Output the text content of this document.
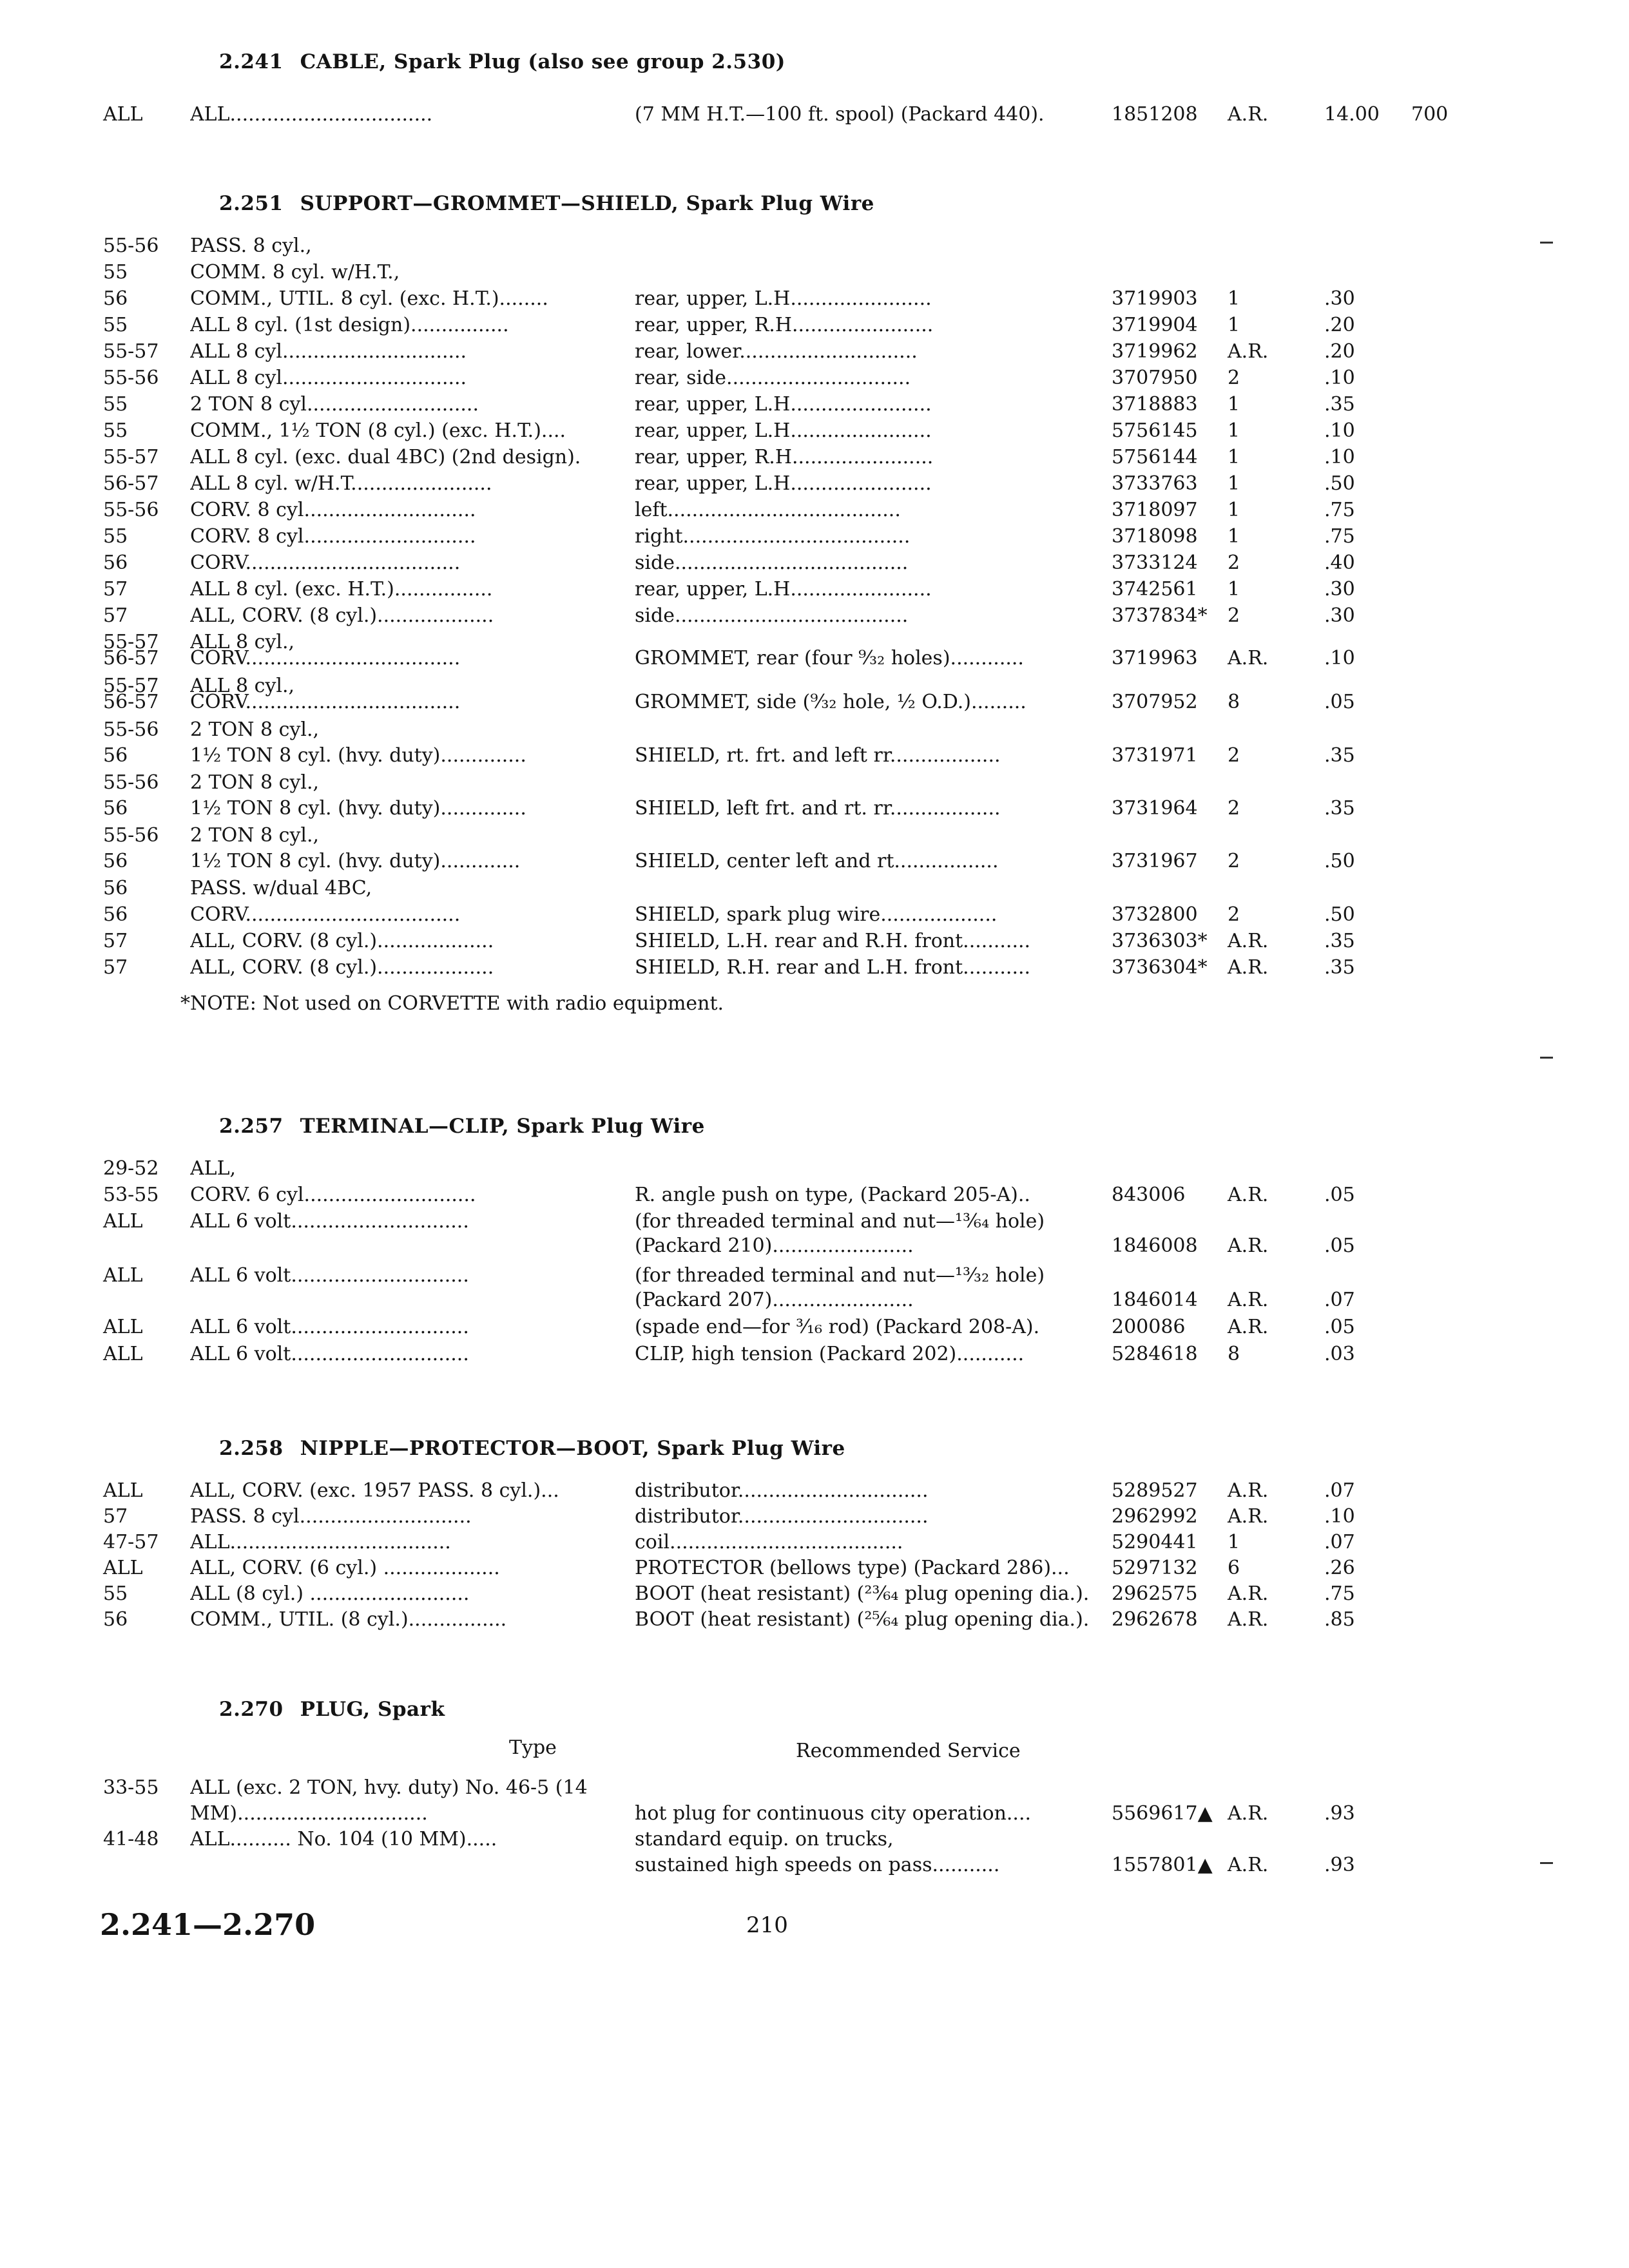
2.241 CABLE, Spark Plug (also see group 2.530)
ALL ALL.................................	(7 MM H.T.—100 ft. spool) (Packard 440).	1851208 A.R.	14.00 700
2.251 SUPPORT—GROMMET—SHIELD, Spark Plug Wire
55-56 PASS. 8 cyl.,
55	COMM. 8 cyl. w/H.T.,
56	COMM., UTIL. 8 cyl. (exc. H.T.)........	rear, upper, L.H.......................	3719903 1	.30
55	ALL 8 cyl. (1st design)................	rear, upper, R.H.......................	3719904 1	.20
55-57 ALL 8 cyl..............................	rear, lower.............................	3719962 A.R.	.20
55-56 ALL 8 cyl..............................	rear, side..............................	3707950 2	.10
55	2 TON 8 cyl............................	rear, upper, L.H.......................	3718883 1	.35
55	COMM., 1½ TON (8 cyl.) (exc. H.T.)....	rear, upper, L.H.......................	5756145 1	.10
55-57 ALL 8 cyl. (exc. dual 4BC) (2nd design).	rear, upper, R.H.......................	5756144 1	.10
56-57 ALL 8 cyl. w/H.T.......................	rear, upper, L.H.......................	3733763 1	.50
55-56 CORV. 8 cyl............................	left......................................	3718097 1	.75
55	CORV. 8 cyl............................	right.....................................	3718098 1	.75
56	CORV...................................	side......................................	3733124 2	.40
57	ALL 8 cyl. (exc. H.T.)................	rear, upper, L.H.......................	3742561 1	.30
57	ALL, CORV. (8 cyl.)...................	side......................................	3737834* 2	.30
55-57 ALL 8 cyl.,
56-57 CORV...................................	GROMMET, rear (four ⁹⁄₃₂ holes)............	3719963 A.R.	.10
55-57 ALL 8 cyl.,
56-57 CORV...................................	GROMMET, side (⁹⁄₃₂ hole, ½ O.D.).........	3707952 8	.05
55-56 2 TON 8 cyl.,
56	1½ TON 8 cyl. (hvy. duty)..............	SHIELD, rt. frt. and left rr..................	3731971 2	.35
55-56 2 TON 8 cyl.,
56	1½ TON 8 cyl. (hvy. duty)..............	SHIELD, left frt. and rt. rr..................	3731964 2	.35
55-56 2 TON 8 cyl.,
56	1½ TON 8 cyl. (hvy. duty).............	SHIELD, center left and rt.................	3731967 2	.50
56	PASS. w/dual 4BC,
56	CORV...................................	SHIELD, spark plug wire...................	3732800 2	.50
57	ALL, CORV. (8 cyl.)...................	SHIELD, L.H. rear and R.H. front...........	3736303* A.R.	.35
57	ALL, CORV. (8 cyl.)...................	SHIELD, R.H. rear and L.H. front...........	3736304* A.R.	.35
*NOTE: Not used on CORVETTE with radio equipment.
2.257 TERMINAL—CLIP, Spark Plug Wire
29-52 ALL,
53-55 CORV. 6 cyl............................	R. angle push on type, (Packard 205-A)..	843006 A.R.	.05
ALL ALL 6 volt.............................	(for threaded terminal and nut—¹³⁄₆₄ hole)
(Packard 210).......................	1846008 A.R.	.05
ALL ALL 6 volt.............................	(for threaded terminal and nut—¹³⁄₃₂ hole)
(Packard 207).......................	1846014 A.R.	.07
ALL ALL 6 volt.............................	(spade end—for ³⁄₁₆ rod) (Packard 208-A).	200086 A.R.	.05
ALL ALL 6 volt.............................	CLIP, high tension (Packard 202)...........	5284618 8	.03
2.258 NIPPLE—PROTECTOR—BOOT, Spark Plug Wire
ALL ALL, CORV. (exc. 1957 PASS. 8 cyl.)...	distributor...............................	5289527 A.R.	.07
57	PASS. 8 cyl............................	distributor...............................	2962992 A.R.	.10
47-57 ALL....................................	coil......................................	5290441 1	.07
ALL ALL, CORV. (6 cyl.) ...................	PROTECTOR (bellows type) (Packard 286)...	5297132 6	.26
55	ALL (8 cyl.) ..........................	BOOT (heat resistant) (²³⁄₆₄ plug opening dia.).	2962575 A.R.	.75
56	COMM., UTIL. (8 cyl.)................	BOOT (heat resistant) (²⁵⁄₆₄ plug opening dia.).	2962678 A.R.	.85
2.270 PLUG, Spark
Type	Recommended Service
33-55 ALL (exc. 2 TON, hvy. duty) No. 46-5 (14
MM)...............................	hot plug for continuous city operation....	5569617▲ A.R.	.93
41-48 ALL.......... No. 104 (10 MM).....	standard equip. on trucks,
sustained high speeds on pass...........	1557801▲ A.R.	.93
2.241—2.270	210
